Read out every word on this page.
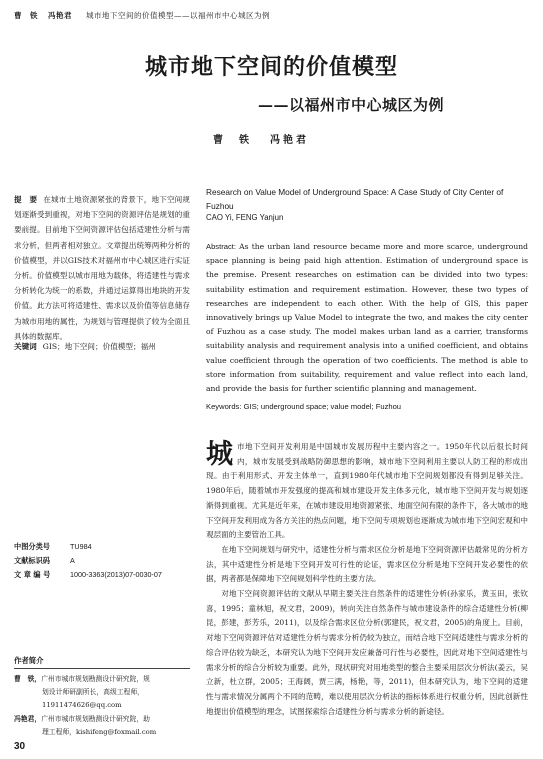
曹　铁 冯艳君 城市地下空间的价值模型——以福州市中心城区为例
城市地下空间的价值模型
——以福州市中心城区为例
曹　铁 冯艳君
提　要 在城市土地资源紧张的背景下，地下空间规划逐渐受到重视，对地下空间的资源评估是规划的重要前提。目前地下空间资源评估包括适建性分析与需求分析，但两者相对独立。文章提出统筹两种分析的价值模型，并以GIS技术对福州市中心城区进行实证分析。价值模型以城市用地为载体，将适建性与需求分析转化为统一的系数，并通过运算得出地块的开发价值。此方法可将适建性、需求以及价值等信息储存为城市用地的属性，为规划与管理提供了较为全面且具体的数据库。
关键词 GIS；地下空间；价值模型；福州
Research on Value Model of Underground Space: A Case Study of City Center of Fuzhou
CAO Yi, FENG Yanjun
Abstract: As the urban land resource became more and more scarce, underground space planning is being paid high attention. Estimation of underground space is the premise. Present researches on estimation can be divided into two types: suitability estimation and requirement estimation. However, these two types of researches are independent to each other. With the help of GIS, this paper innovatively brings up Value Model to integrate the two, and makes the city center of Fuzhou as a case study. The model makes urban land as a carrier, transforms suitability analysis and requirement analysis into a unified coefficient, and obtains value coefficient through the operation of two coefficients. The method is able to store information from suitability, requirement and value reflect into each land, and provide the basis for further scientific planning and management.
Keywords: GIS; underground space; value model; Fuzhou
中图分类号	TU984
文献标识码	A
文 章 编 号	1000-3363(2013)07-0030-07
作者简介
曹　铁，广州市城市规划勘测设计研究院，规
划设计师研副所长，高级工程师，
11911474626@qq.com
冯艳君，广州市城市规划勘测设计研究院，助
理工程师，kishifeng@foxmail.com

城市地下空间开发利用是中国城市发展历程中主要内容之一。1950年代以后很长时间内，城市发展受到战略防御思想的影响，城市地下空间利用主要以人防工程的形成出现。由于利用形式、开发主体单一，直到1980年代城市地下空间规划都没有得到足够关注。1980年后，随着城市开发强度的提高和城市建设开发主体多元化，城市地下空间开发与规划逐渐得到重视。尤其是近年来，在城市建设用地资源紧张、地面空间有限的条件下，各大城市的地下空间开发利用成为各方关注的热点问题，地下空间专项规划也逐渐成为城市地下空间宏观和中观层面的主要管治工具。

在地下空间规划与研究中，适建性分析与需求区位分析是地下空间资源评估最常见的分析方法，其中适建性分析是地下空间开发可行性的论证，需求区位分析是地下空间开发必要性的依据，两者都是保障地下空间规划科学性的主要方法。

对地下空间资源评估的文献从早期主要关注自然条件的适建性分析(孙家乐，黄玉田，张钦喜，1995；童林旭，祝文君，2009)，转向关注自然条件与城市建设条件的综合适建性分析(柳昆，彭建，彭芳乐，2011)，以及综合需求区位分析(郭建民，祝文君，2005)的角度上。目前，对地下空间资源评估对适建性分析与需求分析仍较为独立，而结合地下空间适建性与需求分析的综合评估较为缺乏，本研究认为地下空间开发应兼备可行性与必要性，因此对地下空间适建性与需求分析的综合分析较为重要。此外，现状研究对用地类型的整合主要采用层次分析法(姜云，吴立新，杜立群，2005；王海阔，贾三满，杨艳，等，2011)，但本研究认为，地下空间的适建性与需求情况分属两个不同的范畴，难以使用层次分析法的指标体系进行权重分析，因此创新性地提出价值模型的理念，试图探索综合适建性分析与需求分析的新途径。

30
